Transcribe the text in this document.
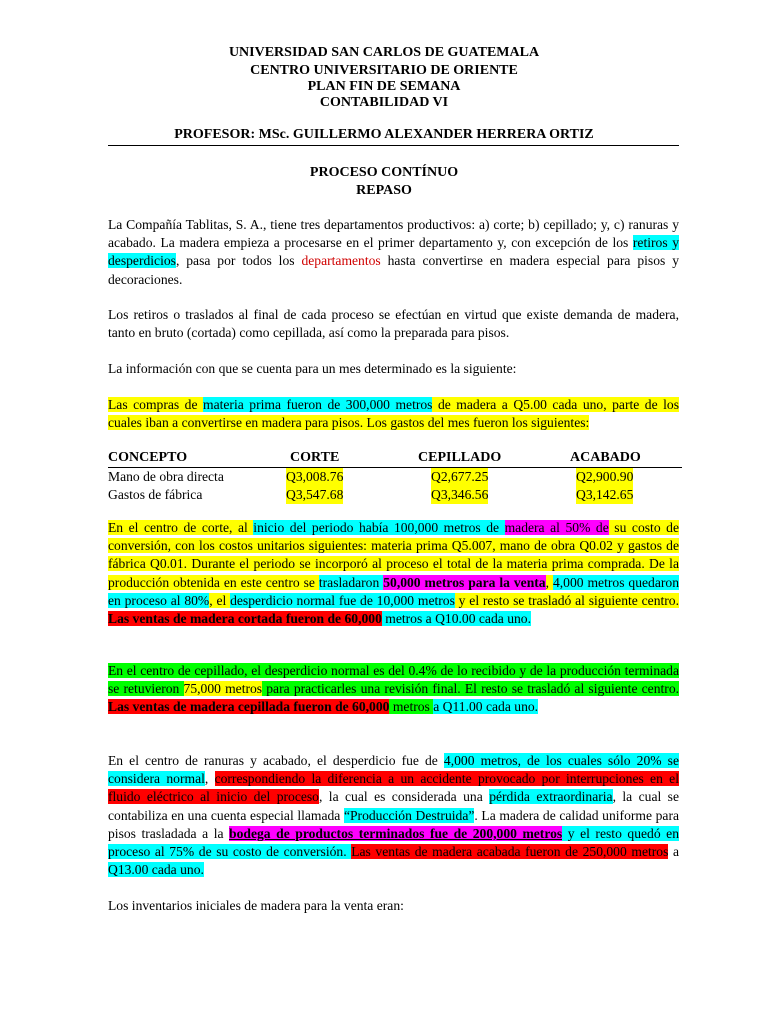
UNIVERSIDAD SAN CARLOS DE GUATEMALA
CENTRO UNIVERSITARIO DE ORIENTE
PLAN FIN DE SEMANA
CONTABILIDAD VI
PROFESOR: MSc. GUILLERMO ALEXANDER HERRERA ORTIZ
PROCESO CONTÍNUO
REPASO
La Compañía Tablitas, S. A., tiene tres departamentos productivos: a) corte; b) cepillado; y, c) ranuras y acabado. La madera empieza a procesarse en el primer departamento y, con excepción de los retiros y desperdicios, pasa por todos los departamentos hasta convertirse en madera especial para pisos y decoraciones.
Los retiros o traslados al final de cada proceso se efectúan en virtud que existe demanda de madera, tanto en bruto (cortada) como cepillada, así como la preparada para pisos.
La información con que se cuenta para un mes determinado es la siguiente:
Las compras de materia prima fueron de 300,000 metros de madera a Q5.00 cada uno, parte de los cuales iban a convertirse en madera para pisos. Los gastos del mes fueron los siguientes:
CONCEPTO	CORTE	CEPILLADO	ACABADO
Mano de obra directa	Q3,008.76	Q2,677.25	Q2,900.90
Gastos de fábrica	Q3,547.68	Q3,346.56	Q3,142.65
En el centro de corte, al inicio del periodo había 100,000 metros de madera al 50% de su costo de conversión, con los costos unitarios siguientes: materia prima Q5.007, mano de obra Q0.02 y gastos de fábrica Q0.01. Durante el periodo se incorporó al proceso el total de la materia prima comprada. De la producción obtenida en este centro se trasladaron 50,000 metros para la venta, 4,000 metros quedaron en proceso al 80%, el desperdicio normal fue de 10,000 metros y el resto se trasladó al siguiente centro. Las ventas de madera cortada fueron de 60,000 metros a Q10.00 cada uno.
En el centro de cepillado, el desperdicio normal es del 0.4% de lo recibido y de la producción terminada se retuvieron 75,000 metros para practicarles una revisión final. El resto se trasladó al siguiente centro. Las ventas de madera cepillada fueron de 60,000 metros a Q11.00 cada uno.
En el centro de ranuras y acabado, el desperdicio fue de 4,000 metros, de los cuales sólo 20% se considera normal, correspondiendo la diferencia a un accidente provocado por interrupciones en el fluido eléctrico al inicio del proceso, la cual es considerada una pérdida extraordinaria, la cual se contabiliza en una cuenta especial llamada “Producción Destruida”. La madera de calidad uniforme para pisos trasladada a la bodega de productos terminados fue de 200,000 metros y el resto quedó en proceso al 75% de su costo de conversión. Las ventas de madera acabada fueron de 250,000 metros a Q13.00 cada uno.
Los inventarios iniciales de madera para la venta eran:
